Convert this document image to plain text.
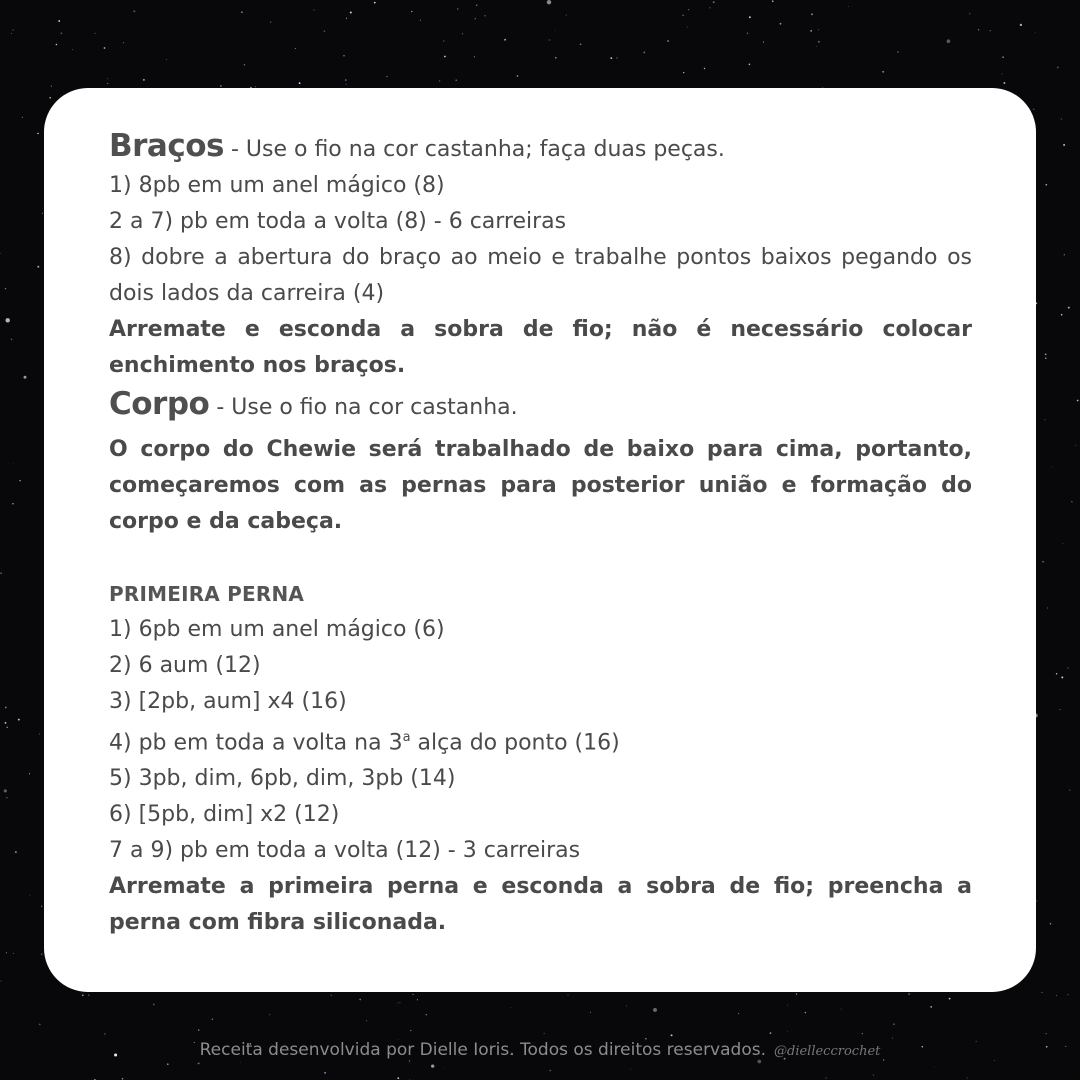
Braços - Use o fio na cor castanha; faça duas peças.
1) 8pb em um anel mágico (8)
2 a 7) pb em toda a volta (8) - 6 carreiras
8) dobre a abertura do braço ao meio e trabalhe pontos baixos pegando os dois lados da carreira (4)
Arremate e esconda a sobra de fio; não é necessário colocar enchimento nos braços.
Corpo - Use o fio na cor castanha.
O corpo do Chewie será trabalhado de baixo para cima, portanto, começaremos com as pernas para posterior união e formação do corpo e da cabeça.
PRIMEIRA PERNA
1) 6pb em um anel mágico (6)
2) 6 aum (12)
3) [2pb, aum] x4 (16)
4) pb em toda a volta na 3$^a$ alça do ponto (16)
5) 3pb, dim, 6pb, dim, 3pb (14)
6) [5pb, dim] x2 (12)
7 a 9) pb em toda a volta (12) - 3 carreiras
Arremate a primeira perna e esconda a sobra de fio; preencha a perna com fibra siliconada.
Receita desenvolvida por Dielle Ioris. Todos os direitos reservados. @dielleccrochet
